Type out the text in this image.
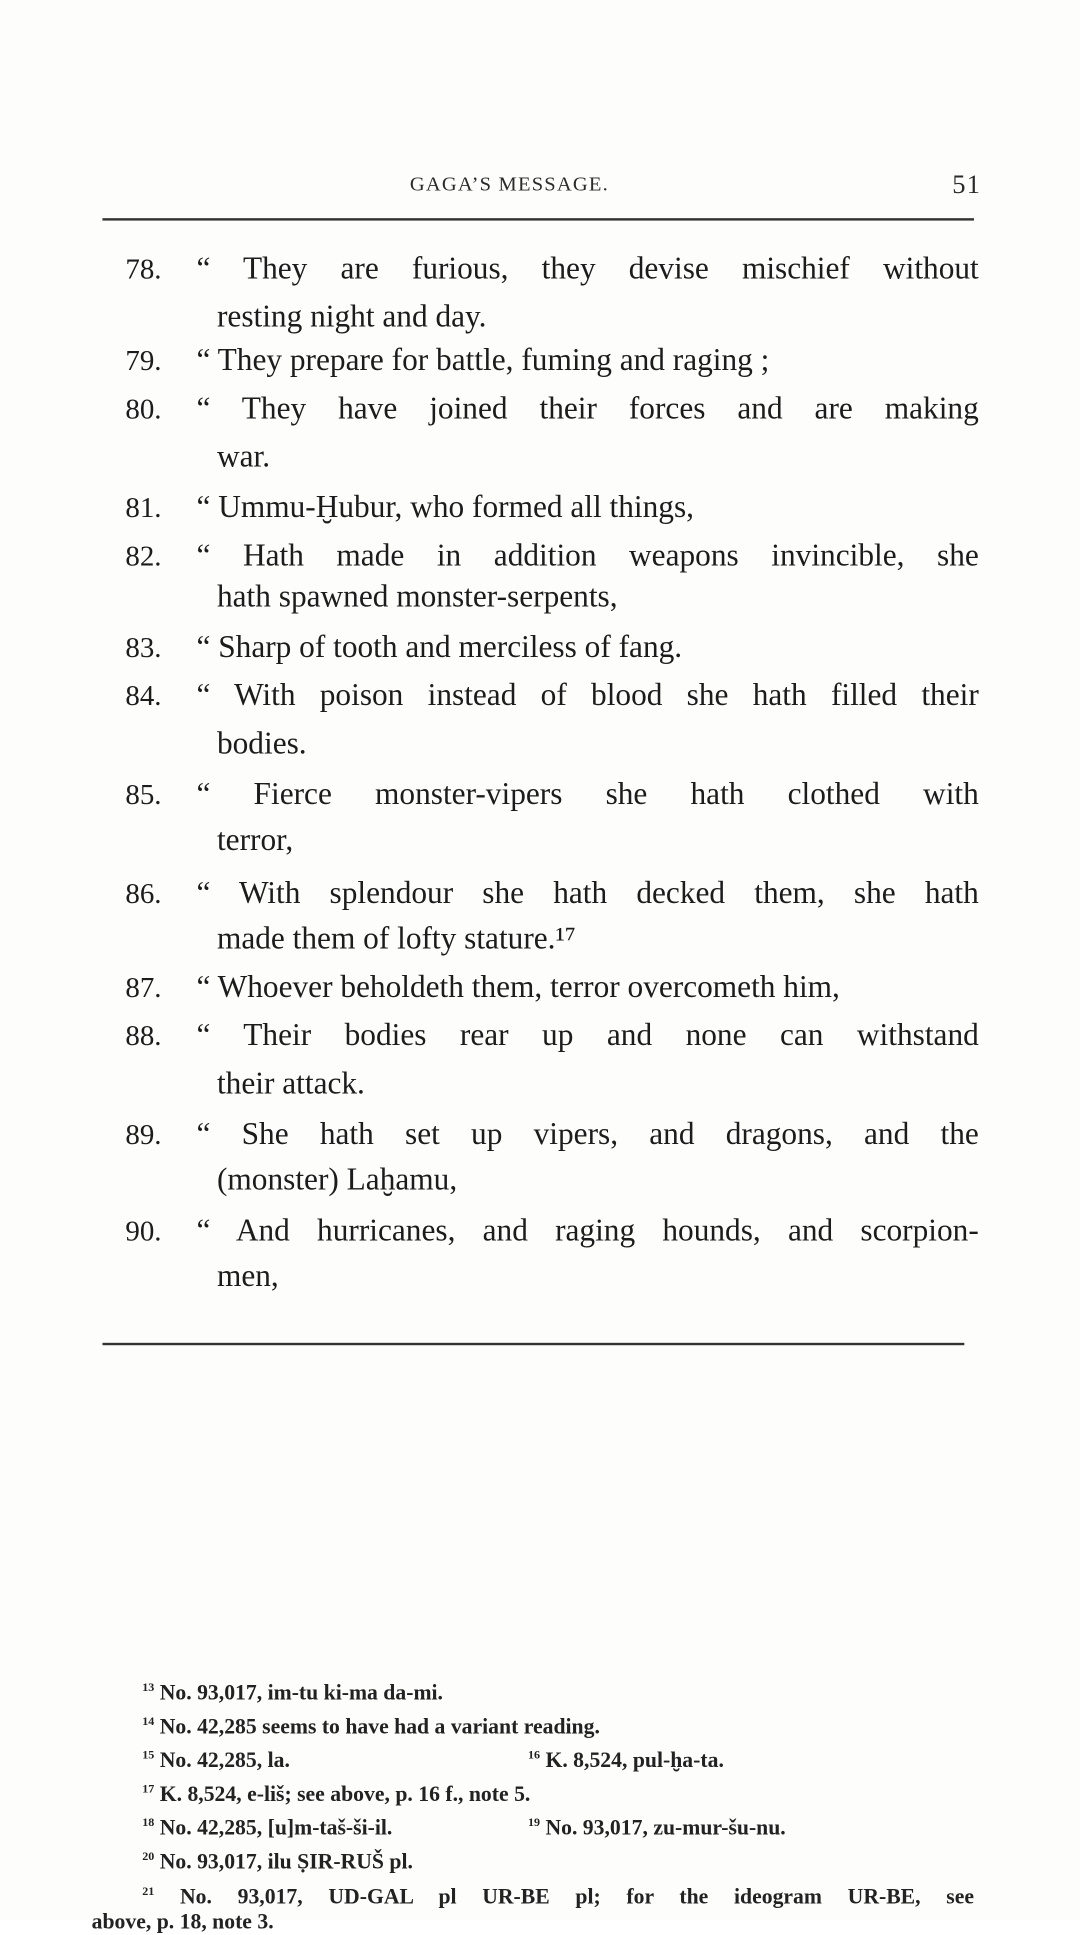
GAGA’S MESSAGE.	51
78. “ They are furious, they devise mischief without
resting night and day.
79. “ They prepare for battle, fuming and raging ;
80. “ They have joined their forces and are making
war.
81. “ Ummu-Ḫubur, who formed all things,
82. “ Hath made in addition weapons invincible, she
hath spawned monster-serpents,
83. “ Sharp of tooth and merciless of fang.
84. “ With poison instead of blood she hath filled their
bodies.
85. “ Fierce monster-vipers she hath clothed with
terror,
86. “ With splendour she hath decked them, she hath
made them of lofty stature.¹⁷
87. “ Whoever beholdeth them, terror overcometh him,
88. “ Their bodies rear up and none can withstand
their attack.
89. “ She hath set up vipers, and dragons, and the
(monster) Laḫamu,
90. “ And hurricanes, and raging hounds, and scorpion-
men,
$^{13}$ No. 93,017, im-tu ki-ma da-mi.
$^{14}$ No. 42,285 seems to have had a variant reading.
$^{15}$ No. 42,285, la.	$^{16}$ K. 8,524, pul-ḫa-ta.
$^{17}$ K. 8,524, e-liš; see above, p. 16 f., note 5.
$^{18}$ No. 42,285, [u]m-taš-ši-il.	$^{19}$ No. 93,017, zu-mur-šu-nu.
$^{20}$ No. 93,017, ilu ṢIR-RUŠ pl.
$^{21}$ No. 93,017, UD-GAL pl UR-BE pl; for the ideogram UR-BE, see
above, p. 18, note 3.
